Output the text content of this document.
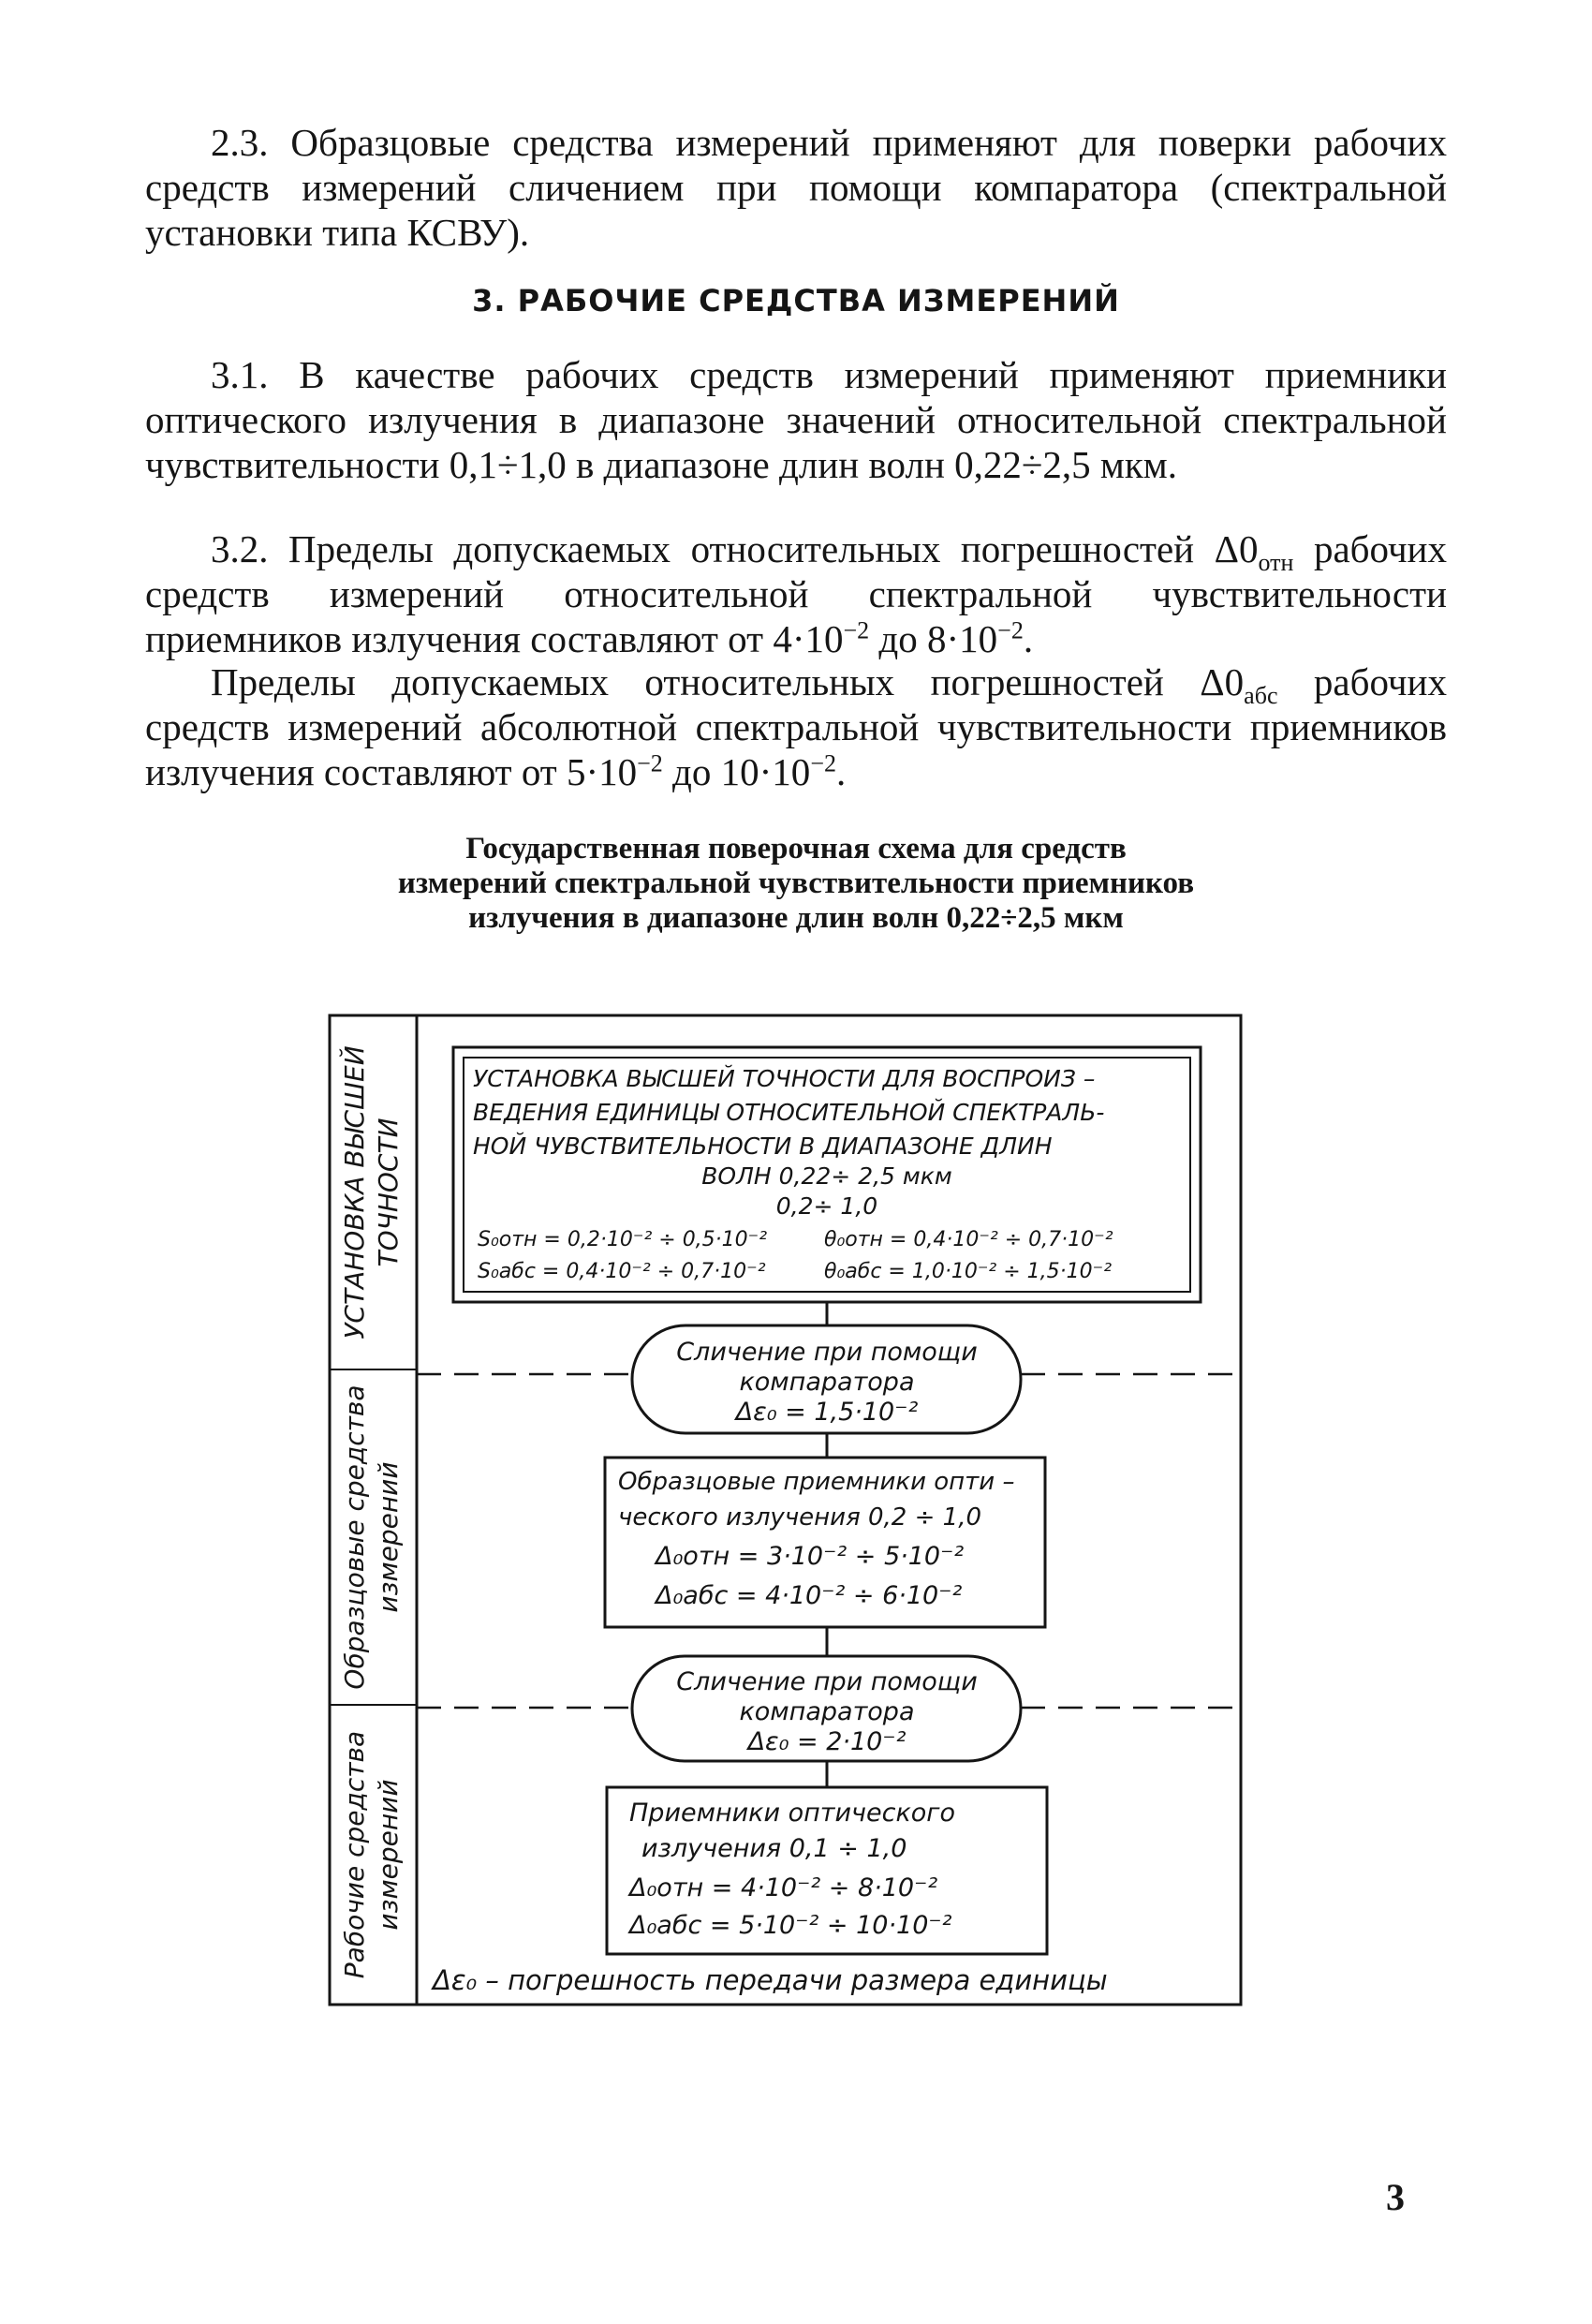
2.3. Образцовые средства измерений применяют для поверки рабочих средств измерений сличением при помощи компаратора (спектральной установки типа КСВУ).

3. РАБОЧИЕ СРЕДСТВА ИЗМЕРЕНИЙ

3.1. В качестве рабочих средств измерений применяют приемники оптического излучения в диапазоне значений относительной спектральной чувствительности 0,1÷1,0 в диапазоне длин волн 0,22÷2,5 мкм.

3.2. Пределы допускаемых относительных погрешностей $\Delta 0_{отн}$ рабочих средств измерений относительной спектральной чувствительности приемников излучения составляют от $4\cdot 10^{-2}$ до $8\cdot 10^{-2}$.

Пределы допускаемых относительных погрешностей $\Delta 0_{абс}$ рабочих средств измерений абсолютной спектральной чувствительности приемников излучения составляют от $5\cdot 10^{-2}$ до $10\cdot 10^{-2}$.

Государственная поверочная схема для средств
измерений спектральной чувствительности приемников
излучения в диапазоне длин волн 0,22÷2,5 мкм
УСТАНОВКА ВЫСШЕЙ ТОЧНОСТИ
Образцовые средства измерений
Рабочие средства измерений
УСТАНОВКА ВЫСШЕЙ ТОЧНОСТИ ДЛЯ ВОСПРОИЗ –
ВЕДЕНИЯ ЕДИНИЦЫ ОТНОСИТЕЛЬНОЙ СПЕКТРАЛЬ-
НОЙ ЧУВСТВИТЕЛЬНОСТИ В ДИАПАЗОНЕ ДЛИН
ВОЛН 0,22÷ 2,5 мкм
0,2÷ 1,0
S₀отн = 0,2·10⁻² ÷ 0,5·10⁻²	θ₀отн = 0,4·10⁻² ÷ 0,7·10⁻²
S₀абс = 0,4·10⁻² ÷ 0,7·10⁻²	θ₀абс = 1,0·10⁻² ÷ 1,5·10⁻²
Сличение при помощи
компаратора
Δε₀ = 1,5·10⁻²
Образцовые приемники опти –
ческого излучения 0,2 ÷ 1,0
Δ₀отн = 3·10⁻² ÷ 5·10⁻²
Δ₀абс = 4·10⁻² ÷ 6·10⁻²
Сличение при помощи
компаратора
Δε₀ = 2·10⁻²
Приемники оптического
излучения 0,1 ÷ 1,0
Δ₀отн = 4·10⁻² ÷ 8·10⁻²
Δ₀абс = 5·10⁻² ÷ 10·10⁻²
Δε₀ – погрешность передачи размера единицы
3
